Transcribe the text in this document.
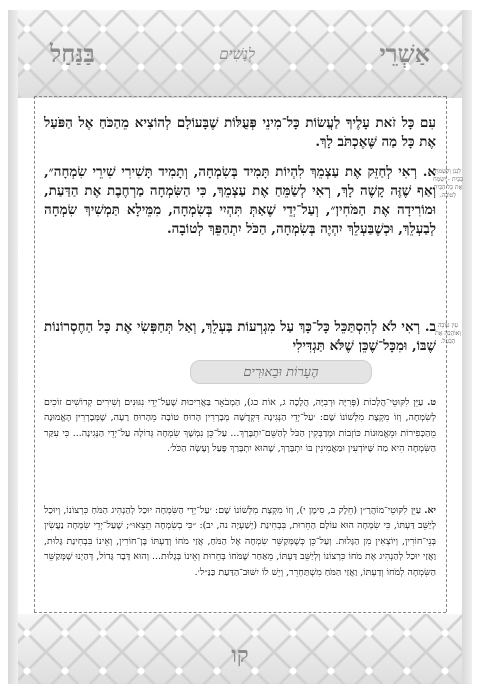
אַשְׁרֵי
לְנָשִׁים
בַּנַּחַל
עִם כָּל זֹאת עָלֶיךָ לַעֲשׂוֹת כָּל־מִינֵי פְּעֻלּוֹת שֶׁבָּעוֹלָם לְהוֹצִיא מֵהַכֹּחַ אֶל הַפֹּעַל אֶת כָּל מַה שֶּׁאֶכְתֹּב לָךְ.
א. רְאִי לְחַזֵּק אֶת עַצְמֵךְ לִהְיוֹת תָּמִיד בְּשִׂמְחָה, וְתָמִיד תָּשִׁירִי שִׁירֵי שִׂמְחָה״, וְאַף שֶׁזֶּה קָשֶׁה לָךְ, רְאִי לְשַׂמֵּחַ אֶת עַצְמֵךְ, כִּי הַשִּׂמְחָה מַרְחֶבֶת אֶת הַדַּעַת, וּמוֹרִידָה אֶת הַמֹּחִין״, וְעַל־יְדֵי שֶׁאַתְּ תִּהְיִי בְּשִׂמְחָה, מִמֵּילָא תַּמְשִׁיךְ שִׂמְחָה לְבַעְלֵךְ, וּכְשֶׁבַּעְלֵךְ יִהְיֶה בְּשִׂמְחָה, הַכֹּל יִתְהַפֵּךְ לְטוֹבָה.
לִגְנֹן וְלִשְׂמֹחַ בַּבַּיִת - יִשְׂמַח אֶת כָּל הַבַּיִת לְטוֹבָה.
ב. רְאִי לֹא לְהִסְתַּכֵּל כָּל־כָּךְ עַל מִגְרְעוֹת בַּעְלֵךְ, וְאַל תְּחַפְּשִׂי אֶת כָּל הַחֶסְרוֹנוֹת שֶׁבּוֹ, וּמִכָּל־שֶׁכֵּן שֶׁלֹּא תַּגְדִּילִי
עַיִן טוֹבָה וְאוֹהֲבָה אֶת הַבַּעַל.
הֶעָרוֹת וּבֵאוּרִים
ט. עַיֵּן לִקּוּטֵי־הֲלָכוֹת (פְּרִיָּה וּרְבִיָּה, הֲלָכָה ג, אוֹת כג), הַמְבֹאָר בַּאֲרִיכוּת שֶׁעַל־יְדֵי נִגּוּנִים וְשִׁירִים קְדוֹשִׁים זוֹכִים לְשִׂמְחָה, וְזוֹ מִקְצָת מִלְּשׁוֹנוֹ שָׁם: ׳עַל־יְדֵי הַנְּגִינָה דִּקְדֻשָּׁה מְבָרְרִין הָרוּחַ טוֹבָה מֵהָרוּחַ רָעָה, שֶׁמְּבָרְרִין הָאֱמוּנָה מֵהַכְּפִירוֹת וּמֵאֱמוּנוֹת כּוֹזְבוֹת וּמְדַבְּקִין הַכֹּל לְהַשֵּׁם־יִתְבָּרַךְ... עַל־כֵּן נִמְשָׁךְ שִׂמְחָה גְּדוֹלָה עַל־יְדֵי הַנְּגִינָה... כִּי עִקַּר הַשִּׂמְחָה הִיא מַה שֶּׁיּוֹדְעִין וּמַאֲמִינִין בּוֹ יִתְבָּרַךְ, שֶׁהוּא יִתְבָּרַךְ פָּעַל וְעָשָׂה הַכֹּל׳.
יא. עַיֵּן לִקּוּטֵי־מוֹהֲרַ״ן (חֵלֶק ב, סִימָן י), וְזוֹ מִקְצָת מִלְּשׁוֹנוֹ שָׁם: ׳עַל־יְדֵי הַשִּׂמְחָה יוּכַל לְהַנְהִיג הַמֹּחַ כִּרְצוֹנוֹ, וְיוּכַל לְיַשֵּׁב דַּעְתּוֹ, כִּי שִׂמְחָה הוּא עוֹלָם הַחֵרוּת, בִּבְחִינַת (יְשַׁעְיָה נה, יב): ״כִּי בְשִׂמְחָה תֵצֵאוּ״; שֶׁעַל־יְדֵי שִׂמְחָה נַעֲשִׂין בְּנֵי־חוֹרִין, וְיוֹצְאִין מִן הַגָּלוּת. וְעַל־כֵּן כְּשֶׁמְּקַשֵּׁר שִׂמְחָה אֶל הַמֹּחַ, אֲזַי מֹחוֹ וְדַעְתּוֹ בֶּן־חוֹרִין, וְאֵינוֹ בִּבְחִינַת גָּלוּת, וַאֲזַי יוּכַל לְהַנְהִיג אֶת מֹחוֹ כִּרְצוֹנוֹ וְלְיַשֵּׁב דַּעְתּוֹ, מֵאַחַר שֶׁמֹּחוֹ בְּחֵרוּת וְאֵינוֹ בְּגָלוּת... וְהוּא דָּבָר גָּדוֹל, דְּהַיְנוּ שֶׁמְּקַשֵּׁר הַשִּׂמְחָה לְמֹחוֹ וְדַעְתּוֹ, וַאֲזַי הַמֹּחַ מִשְׁתַּחְרֵר, וְיֵשׁ לוֹ יִשּׁוּב־הַדַּעַת כַּנַּ״ל׳.
קו
